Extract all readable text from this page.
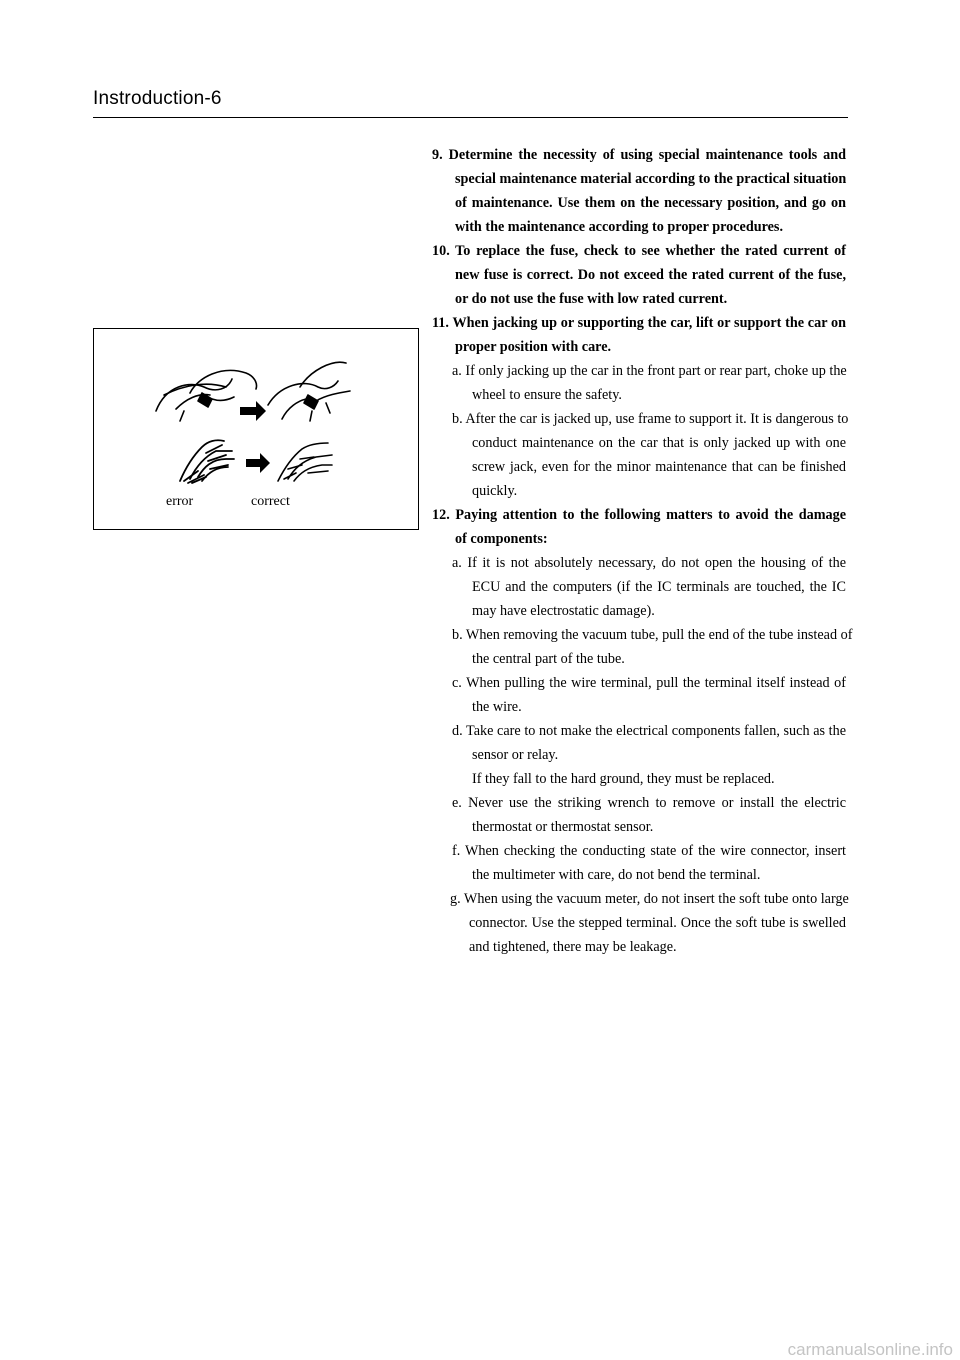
Instroduction-6
error	correct
9. Determine the necessity of using special maintenance tools and
special maintenance material according to the practical situation
of maintenance. Use them on the necessary position, and go on
with the maintenance according to proper procedures.
10. To replace the fuse, check to see whether the rated current of
new fuse is correct. Do not exceed the rated current of the fuse,
or do not use the fuse with low rated current.
11. When jacking up or supporting the car, lift or support the car on
proper position with care.
a. If only jacking up the car in the front part or rear part, choke up the
wheel to ensure the safety.
b. After the car is jacked up, use frame to support it. It is dangerous to
conduct maintenance on the car that is only jacked up with one
screw jack, even for the minor maintenance that can be finished
quickly.
12. Paying attention to the following matters to avoid the damage
of components:
a. If it is not absolutely necessary, do not open the housing of the
ECU and the computers (if the IC terminals are touched, the IC
may have electrostatic damage).
b. When removing the vacuum tube, pull the end of the tube instead of
the central part of the tube.
c. When pulling the wire terminal, pull the terminal itself instead of
the wire.
d. Take care to not make the electrical components fallen, such as the
sensor or relay.
If they fall to the hard ground, they must be replaced.
e. Never use the striking wrench to remove or install the electric
thermostat or thermostat sensor.
f. When checking the conducting state of the wire connector, insert
the multimeter with care, do not bend the terminal.
g. When using the vacuum meter, do not insert the soft tube onto large
connector. Use the stepped terminal. Once the soft tube is swelled
and tightened, there may be leakage.
carmanualsonline.info
